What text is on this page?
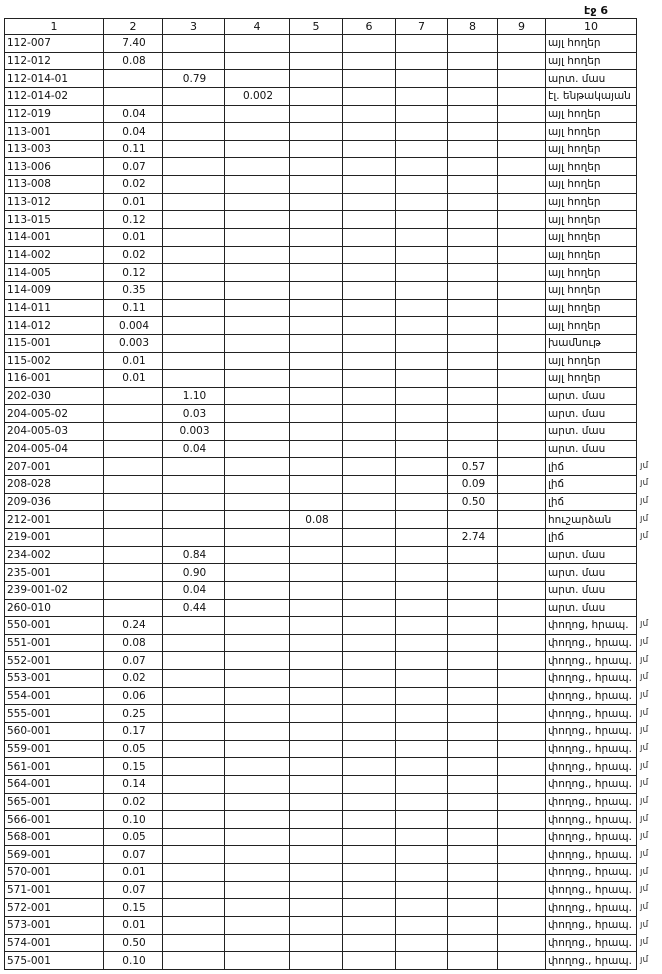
էջ 6
1	2	3	4	5	6	7	8	9	10
112-007	7.40								այլ հողեր
112-012	0.08								այլ հողեր
112-014-01		0.79							արտ. մաս
112-014-02			0.002						էլ. ենթակայան
112-019	0.04								այլ հողեր
113-001	0.04								այլ հողեր
113-003	0.11								այլ հողեր
113-006	0.07								այլ հողեր
113-008	0.02								այլ հողեր
113-012	0.01								այլ հողեր
113-015	0.12								այլ հողեր
114-001	0.01								այլ հողեր
114-002	0.02								այլ հողեր
114-005	0.12								այլ հողեր
114-009	0.35								այլ հողեր
114-011	0.11								այլ հողեր
114-012	0.004								այլ հողեր
115-001	0.003								խամնութ
115-002	0.01								այլ հողեր
116-001	0.01								այլ հողեր
202-030		1.10							արտ. մաս
204-005-02		0.03							արտ. մաս
204-005-03		0.003							արտ. մաս
204-005-04		0.04							արտ. մաս
207-001							0.57		լիճ
208-028							0.09		լիճ
209-036							0.50		լիճ
212-001				0.08					հուշարձան
219-001							2.74		լիճ
234-002		0.84							արտ. մաս
235-001		0.90							արտ. մաս
239-001-02		0.04							արտ. մաս
260-010		0.44							արտ. մաս
550-001	0.24								փողոց, հրապ.
551-001	0.08								փողոց., հրապ.
552-001	0.07								փողոց., հրապ.
553-001	0.02								փողոց., հրապ.
554-001	0.06								փողոց., հրապ.
555-001	0.25								փողոց., հրապ.
560-001	0.17								փողոց., հրապ.
559-001	0.05								փողոց., հրապ.
561-001	0.15								փողոց., հրապ.
564-001	0.14								փողոց., հրապ.
565-001	0.02								փողոց., հրապ.
566-001	0.10								փողոց., հրապ.
568-001	0.05								փողոց., հրապ.
569-001	0.07								փողոց., հրապ.
570-001	0.01								փողոց., հրապ.
571-001	0.07								փողոց., հրապ.
572-001	0.15								փողոց., հրապ.
573-001	0.01								փողոց., հրապ.
574-001	0.50								փողոց., հրապ.
575-001	0.10								փողոց., հրապ.
յմ
յմ
յմ
յմ
յմ
յմ
յմ
յմ
յմ
յմ
յմ
յմ
յմ
յմ
յմ
յմ
յմ
յմ
յմ
յմ
յմ
յմ
յմ
յմ
յմ
